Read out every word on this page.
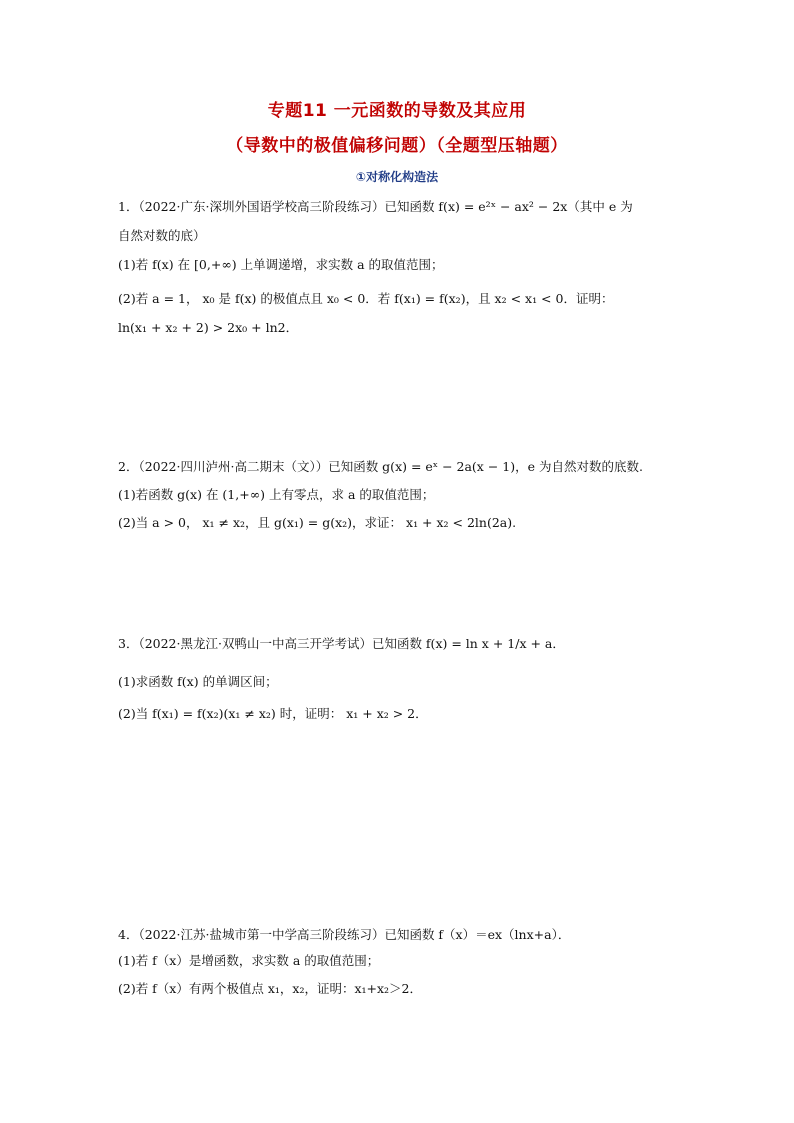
专题11 一元函数的导数及其应用
（导数中的极值偏移问题）（全题型压轴题）
①对称化构造法
1．（2022·广东·深圳外国语学校高三阶段练习）已知函数 f(x) = e²ˣ − ax² − 2x（其中 e 为
自然对数的底）
(1)若 f(x) 在 [0,+∞) 上单调递增，求实数 a 的取值范围；
(2)若 a = 1， x₀ 是 f(x) 的极值点且 x₀ < 0．若 f(x₁) = f(x₂)，且 x₂ < x₁ < 0．证明：
ln(x₁ + x₂ + 2) > 2x₀ + ln2．
2．（2022·四川泸州·高二期末（文））已知函数 g(x) = eˣ − 2a(x − 1)，e 为自然对数的底数.
(1)若函数 g(x) 在 (1,+∞) 上有零点，求 a 的取值范围；
(2)当 a > 0， x₁ ≠ x₂，且 g(x₁) = g(x₂)，求证： x₁ + x₂ < 2ln(2a).
3．（2022·黑龙江·双鸭山一中高三开学考试）已知函数 f(x) = ln x + 1/x + a．
(1)求函数 f(x) 的单调区间；
(2)当 f(x₁) = f(x₂)(x₁ ≠ x₂) 时，证明： x₁ + x₂ > 2．
4．（2022·江苏·盐城市第一中学高三阶段练习）已知函数 f（x）＝ex（lnx+a）．
(1)若 f（x）是增函数，求实数 a 的取值范围；
(2)若 f（x）有两个极值点 x₁，x₂，证明：x₁+x₂＞2．
